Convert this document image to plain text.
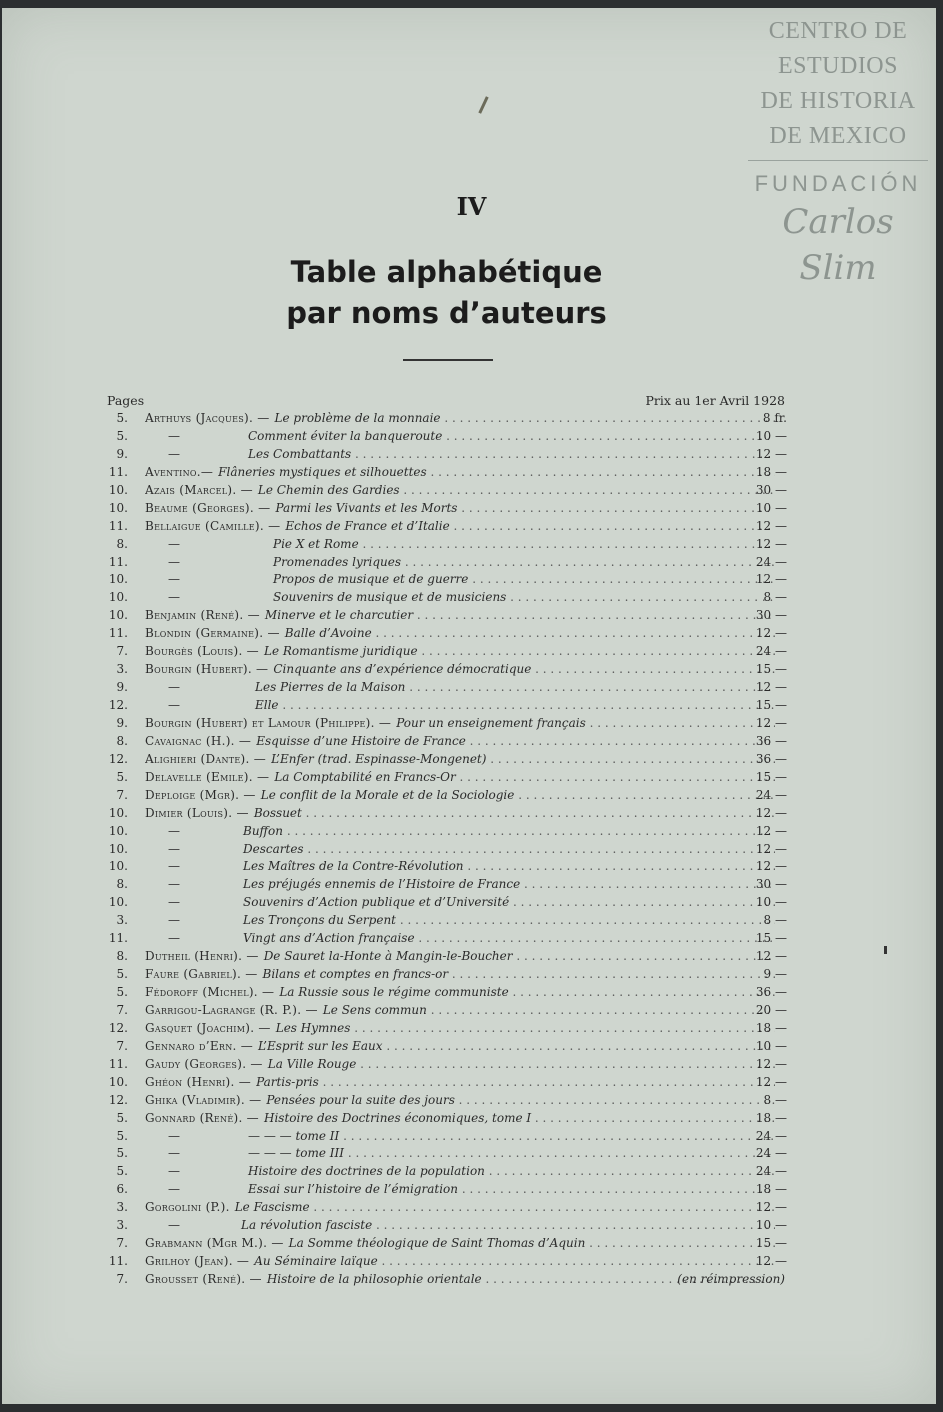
CENTRO DE
ESTUDIOS
DE HISTORIA
DE MEXICO
FUNDACIÓN
Carlos Slim
IV
Table alphabétique
par noms d’auteurs
Pages	Prix au 1er Avril 1928
5. Arthuys (Jacques). — Le problème de la monnaie . . .	8 fr.
5.	—	Comment éviter la banqueroute . . .	10 —
9.	—	Les Combattants . . .	12 —
11. Aventino.— Flâneries mystiques et silhouettes . . .	18 —
10. Azais (Marcel). — Le Chemin des Gardies . . .	30 —
10. Beaume (Georges). — Parmi les Vivants et les Morts . . .	10 —
11. Bellaigue (Camille). — Echos de France et d’Italie . . .	12 —
8.	—	Pie X et Rome . . .	12 —
11.	—	Promenades lyriques . . .	24 —
10.	—	Propos de musique et de guerre . . .	12 —
10.	—	Souvenirs de musique et de musiciens . . .	8 —
10. Benjamin (René). — Minerve et le charcutier . . .	30 —
11. Blondin (Germaine). — Balle d’Avoine . . .	12 —
7. Bourgès (Louis). — Le Romantisme juridique . . .	24 —
3. Bourgin (Hubert). — Cinquante ans d’expérience démocratique . . .	15 —
9.	—	Les Pierres de la Maison . . .	12 —
12.	—	Elle . . .	15 —
9. Bourgin (Hubert) et Lamour (Philippe). — Pour un enseignement français . . .	12 —
8. Cavaignac (H.). — Esquisse d’une Histoire de France . . .	36 —
12. Alighieri (Dante). — L’Enfer (trad. Espinasse-Mongenet) . . .	36 —
5. Delavelle (Emile). — La Comptabilité en Francs-Or . . .	15 —
7. Deploige (Mgr). — Le conflit de la Morale et de la Sociologie . . .	24 —
10. Dimier (Louis). — Bossuet . . .	12 —
10.	—	Buffon . . .	12 —
10.	—	Descartes . . .	12 —
10.	—	Les Maîtres de la Contre-Révolution . . .	12 —
8.	—	Les préjugés ennemis de l’Histoire de France . . .	30 —
10.	—	Souvenirs d’Action publique et d’Université . . .	10 —
3.	—	Les Tronçons du Serpent . . .	8 —
11.	—	Vingt ans d’Action française . . .	15 —
8. Dutheil (Henri). — De Sauret la-Honte à Mangin-le-Boucher . . .	12 —
5. Faure (Gabriel). — Bilans et comptes en francs-or . . .	9 —
5. Fédoroff (Michel). — La Russie sous le régime communiste . . .	36 —
7. Garrigou-Lagrange (R. P.). — Le Sens commun . . .	20 —
12. Gasquet (Joachim). — Les Hymnes . . .	18 —
7. Gennaro d’Ern. — L’Esprit sur les Eaux . . .	10 —
11. Gaudy (Georges). — La Ville Rouge . . .	12 —
10. Ghéon (Henri). — Partis-pris . . .	12 —
12. Ghika (Vladimir). — Pensées pour la suite des jours . . .	8 —
5. Gonnard (René). — Histoire des Doctrines économiques, tome I . . .	18 —
5.	—	— — — tome II . . .	24 —
5.	—	— — — tome III . . .	24 —
5.	—	Histoire des doctrines de la population . . .	24 —
6.	—	Essai sur l’histoire de l’émigration . . .	18 —
3. Gorgolini (P.). Le Fascisme . . .	12 —
3.	—	La révolution fasciste . . .	10 —
7. Grabmann (Mgr M.). — La Somme théologique de Saint Thomas d’Aquin . . .	15 —
11. Grilhoy (Jean). — Au Séminaire laïque . . .	12 —
7. Grousset (René). — Histoire de la philosophie orientale . . .	(en réimpression)
